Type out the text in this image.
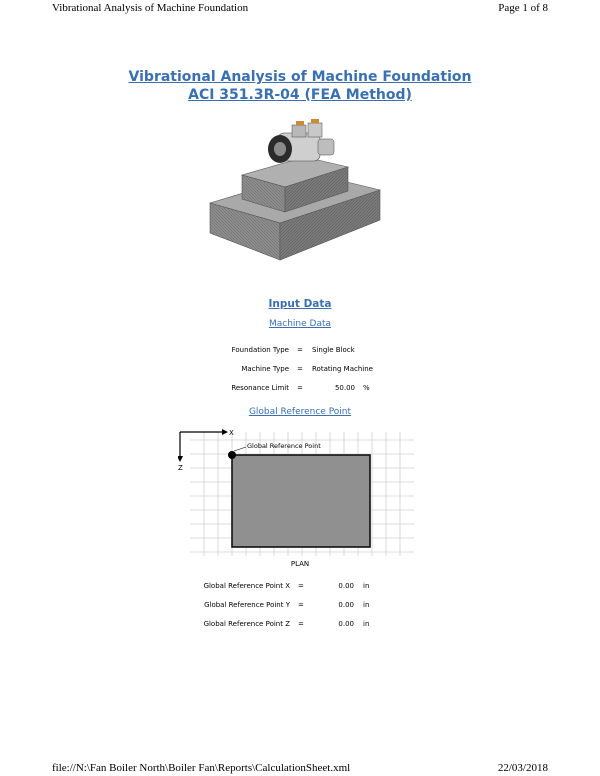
Vibrational Analysis of Machine Foundation	Page 1 of 8
Vibrational Analysis of Machine Foundation
ACI 351.3R-04 (FEA Method)
Input Data
Machine Data
Foundation Type = Single Block
Machine Type = Rotating Machine
Resonance Limit =	50.00 %
Global Reference Point
X
Z
Global Reference Point
PLAN
Global Reference Point X =	0.00 in
Global Reference Point Y =	0.00 in
Global Reference Point Z =	0.00 in
file://N:\Fan Boiler North\Boiler Fan\Reports\CalculationSheet.xml	22/03/2018
